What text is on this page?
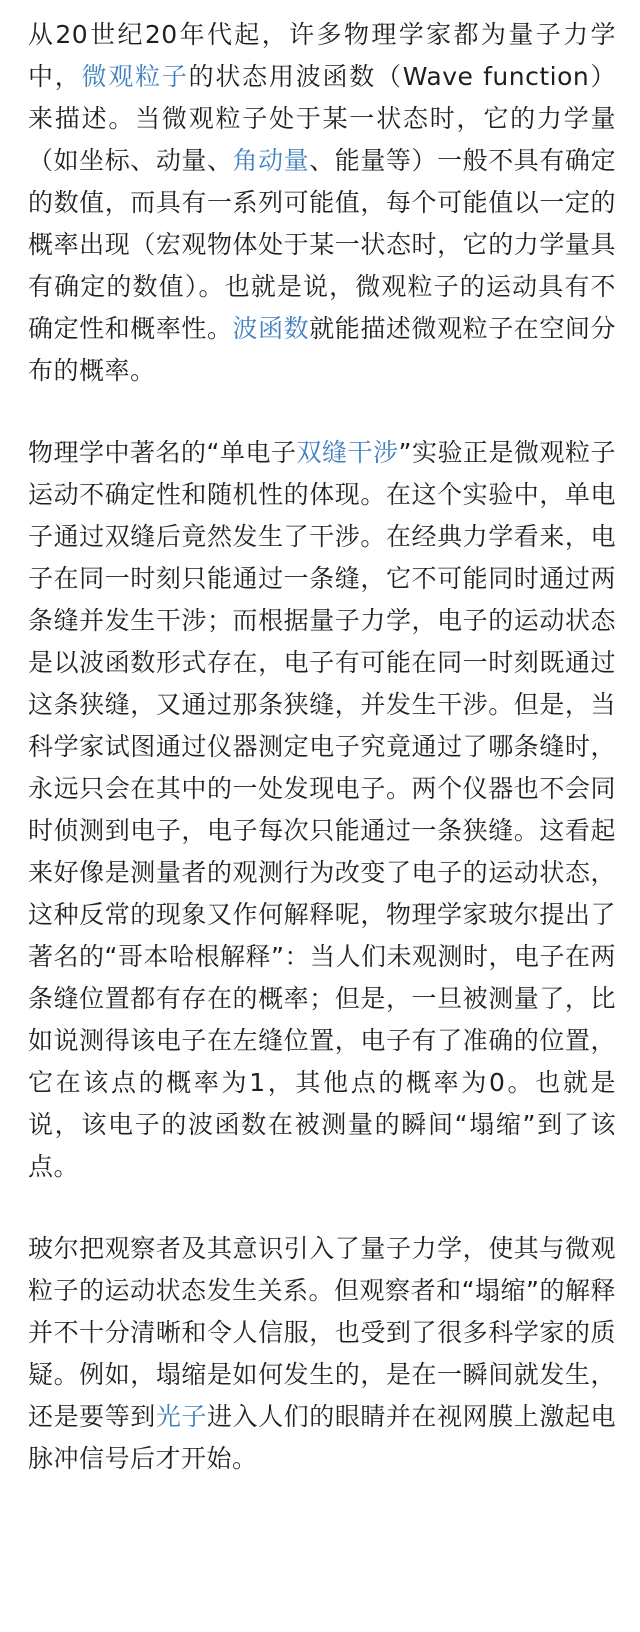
从20世纪20年代起，许多物理学家都为量子力学中，微观粒子的状态用波函数（Wave function）来描述。当微观粒子处于某一状态时，它的力学量（如坐标、动量、角动量、能量等）一般不具有确定的数值，而具有一系列可能值，每个可能值以一定的概率出现（宏观物体处于某一状态时，它的力学量具有确定的数值）。也就是说，微观粒子的运动具有不确定性和概率性。波函数就能描述微观粒子在空间分布的概率。

物理学中著名的“单电子双缝干涉”实验正是微观粒子运动不确定性和随机性的体现。在这个实验中，单电子通过双缝后竟然发生了干涉。在经典力学看来，电子在同一时刻只能通过一条缝，它不可能同时通过两条缝并发生干涉；而根据量子力学，电子的运动状态是以波函数形式存在，电子有可能在同一时刻既通过这条狭缝，又通过那条狭缝，并发生干涉。但是，当科学家试图通过仪器测定电子究竟通过了哪条缝时，永远只会在其中的一处发现电子。两个仪器也不会同时侦测到电子，电子每次只能通过一条狭缝。这看起来好像是测量者的观测行为改变了电子的运动状态，这种反常的现象又作何解释呢，物理学家玻尔提出了著名的“哥本哈根解释”：当人们未观测时，电子在两条缝位置都有存在的概率；但是，一旦被测量了，比如说测得该电子在左缝位置，电子有了准确的位置，它在该点的概率为1，其他点的概率为0。也就是说，该电子的波函数在被测量的瞬间“塌缩”到了该点。

玻尔把观察者及其意识引入了量子力学，使其与微观粒子的运动状态发生关系。但观察者和“塌缩”的解释并不十分清晰和令人信服，也受到了很多科学家的质疑。例如，塌缩是如何发生的，是在一瞬间就发生，还是要等到光子进入人们的眼睛并在视网膜上激起电脉冲信号后才开始。
